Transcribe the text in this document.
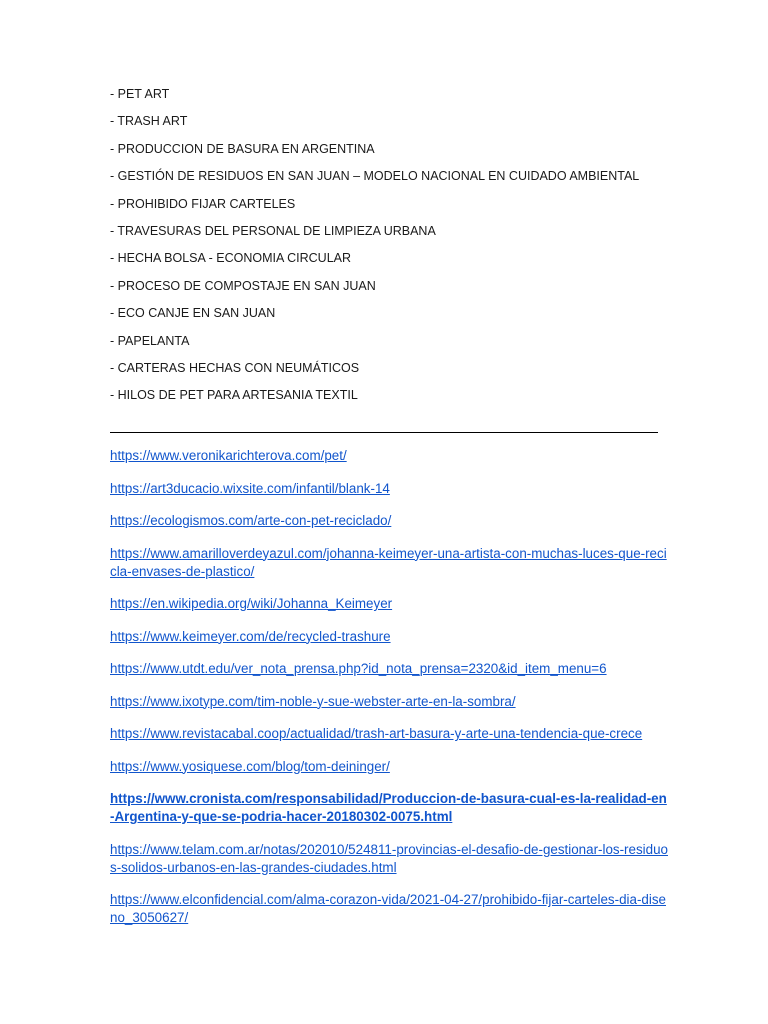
- PET ART
- TRASH ART
- PRODUCCION DE BASURA EN ARGENTINA
- GESTIÓN DE RESIDUOS EN SAN JUAN – MODELO NACIONAL EN CUIDADO AMBIENTAL
- PROHIBIDO FIJAR CARTELES
- TRAVESURAS DEL PERSONAL DE LIMPIEZA URBANA
- HECHA BOLSA - ECONOMIA CIRCULAR
- PROCESO DE COMPOSTAJE EN SAN JUAN
- ECO CANJE EN SAN JUAN
- PAPELANTA
- CARTERAS HECHAS CON NEUMÁTICOS
- HILOS DE PET PARA ARTESANIA TEXTIL
https://www.veronikarichterova.com/pet/
https://art3ducacio.wixsite.com/infantil/blank-14
https://ecologismos.com/arte-con-pet-reciclado/
https://www.amarilloverdeyazul.com/johanna-keimeyer-una-artista-con-muchas-luces-que-recicla-envases-de-plastico/
https://en.wikipedia.org/wiki/Johanna_Keimeyer
https://www.keimeyer.com/de/recycled-trashure
https://www.utdt.edu/ver_nota_prensa.php?id_nota_prensa=2320&id_item_menu=6
https://www.ixotype.com/tim-noble-y-sue-webster-arte-en-la-sombra/
https://www.revistacabal.coop/actualidad/trash-art-basura-y-arte-una-tendencia-que-crece
https://www.yosiquese.com/blog/tom-deininger/
https://www.cronista.com/responsabilidad/Produccion-de-basura-cual-es-la-realidad-en-Argentina-y-que-se-podria-hacer-20180302-0075.html
https://www.telam.com.ar/notas/202010/524811-provincias-el-desafio-de-gestionar-los-residuos-solidos-urbanos-en-las-grandes-ciudades.html
https://www.elconfidencial.com/alma-corazon-vida/2021-04-27/prohibido-fijar-carteles-dia-diseno_3050627/
